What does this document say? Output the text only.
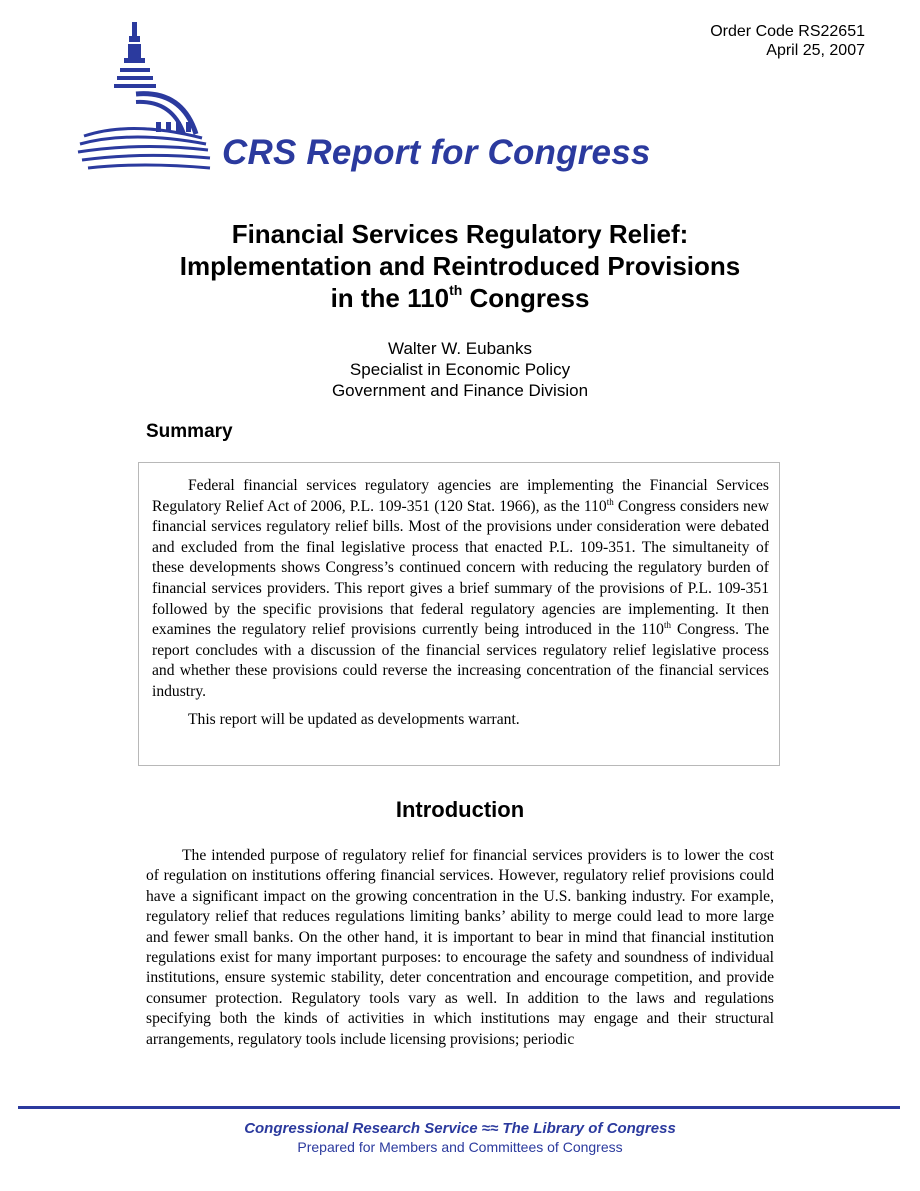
Order Code RS22651
April 25, 2007
CRS Report for Congress
Financial Services Regulatory Relief:
Implementation and Reintroduced Provisions
in the 110th Congress
Walter W. Eubanks
Specialist in Economic Policy
Government and Finance Division
Summary

Federal financial services regulatory agencies are implementing the Financial Services Regulatory Relief Act of 2006, P.L. 109-351 (120 Stat. 1966), as the 110th Congress considers new financial services regulatory relief bills. Most of the provisions under consideration were debated and excluded from the final legislative process that enacted P.L. 109-351. The simultaneity of these developments shows Congress’s continued concern with reducing the regulatory burden of financial services providers. This report gives a brief summary of the provisions of P.L. 109-351 followed by the specific provisions that federal regulatory agencies are implementing. It then examines the regulatory relief provisions currently being introduced in the 110th Congress. The report concludes with a discussion of the financial services regulatory relief legislative process and whether these provisions could reverse the increasing concentration of the financial services industry.

This report will be updated as developments warrant.

Introduction

The intended purpose of regulatory relief for financial services providers is to lower the cost of regulation on institutions offering financial services. However, regulatory relief provisions could have a significant impact on the growing concentration in the U.S. banking industry. For example, regulatory relief that reduces regulations limiting banks’ ability to merge could lead to more large and fewer small banks. On the other hand, it is important to bear in mind that financial institution regulations exist for many important purposes: to encourage the safety and soundness of individual institutions, ensure systemic stability, deter concentration and encourage competition, and provide consumer protection. Regulatory tools vary as well. In addition to the laws and regulations specifying both the kinds of activities in which institutions may engage and their structural arrangements, regulatory tools include licensing provisions; periodic

Congressional Research Service ≈≈ The Library of Congress
Prepared for Members and Committees of Congress
